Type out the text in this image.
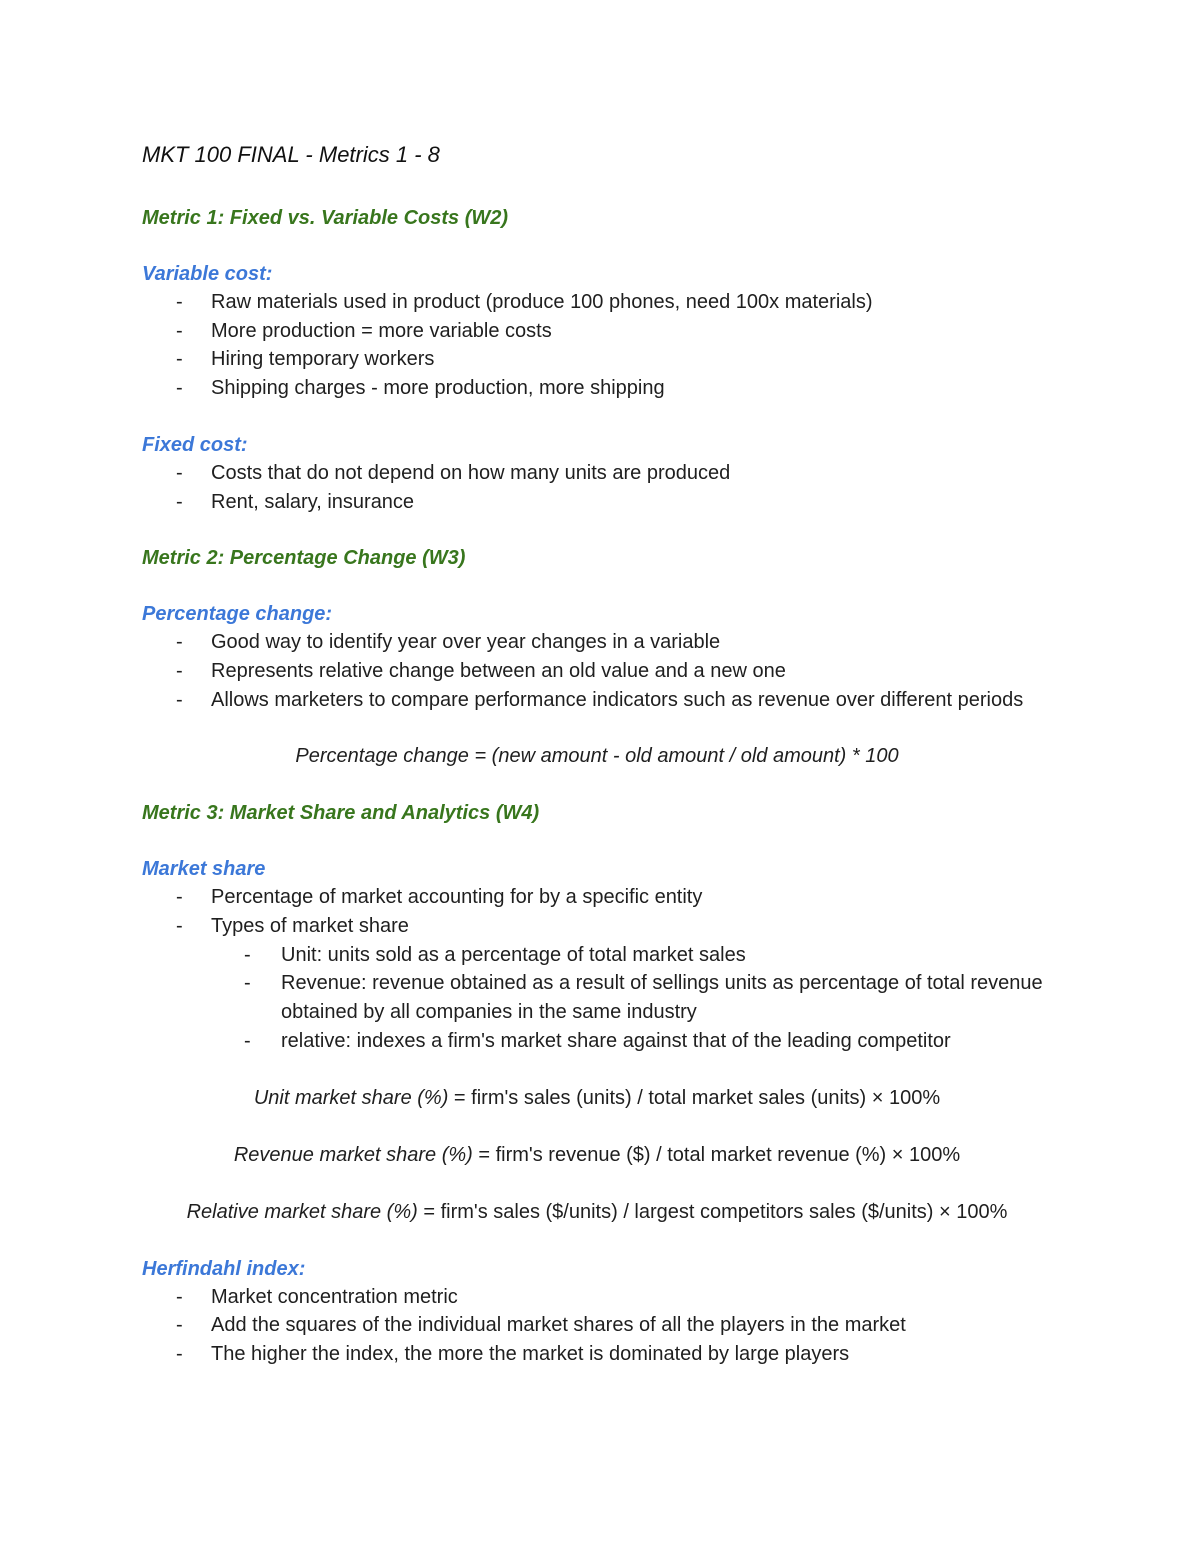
MKT 100 FINAL - Metrics 1 - 8
Metric 1: Fixed vs. Variable Costs (W2)
Variable cost:
- Raw materials used in product (produce 100 phones, need 100x materials)
- More production = more variable costs
- Hiring temporary workers
- Shipping charges - more production, more shipping
Fixed cost:
- Costs that do not depend on how many units are produced
- Rent, salary, insurance
Metric 2: Percentage Change (W3)
Percentage change:
- Good way to identify year over year changes in a variable
- Represents relative change between an old value and a new one
- Allows marketers to compare performance indicators such as revenue over different periods
Percentage change = (new amount - old amount / old amount) * 100
Metric 3: Market Share and Analytics (W4)
Market share
- Percentage of market accounting for by a specific entity
- Types of market share
- Unit: units sold as a percentage of total market sales
- Revenue: revenue obtained as a result of sellings units as percentage of total revenue obtained by all companies in the same industry
- relative: indexes a firm's market share against that of the leading competitor
Unit market share (%) = firm's sales (units) / total market sales (units) × 100%
Revenue market share (%) = firm's revenue ($) / total market revenue (%) × 100%
Relative market share (%) = firm's sales ($/units) / largest competitors sales ($/units) × 100%
Herfindahl index:
- Market concentration metric
- Add the squares of the individual market shares of all the players in the market
- The higher the index, the more the market is dominated by large players
